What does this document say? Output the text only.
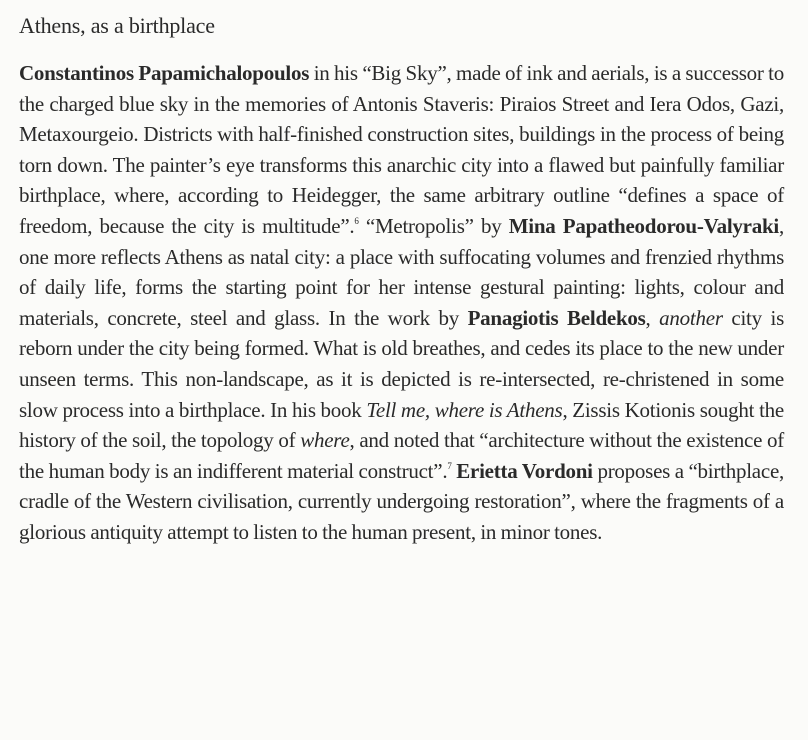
Athens, as a birthplace

Constantinos Papamichalopoulos in his “Big Sky”, made of ink and aerials, is a successor to the charged blue sky in the memories of Antonis Staveris: Piraios Street and Iera Odos, Gazi, Metaxourgeio. Districts with half-finished construction sites, buildings in the process of being torn down. The painter’s eye transforms this anarchic city into a flawed but painfully familiar birthplace, where, according to Heidegger, the same arbitrary outline “defines a space of freedom, because the city is multitude”.$^6$ “Metropolis” by Mina Papatheodorou-Valyraki, one more reflects Athens as natal city: a place with suffocating volumes and frenzied rhythms of daily life, forms the starting point for her intense gestural painting: lights, colour and materials, concrete, steel and glass. In the work by Panagiotis Beldekos, another city is reborn under the city being formed. What is old breathes, and cedes its place to the new under unseen terms. This non-landscape, as it is depicted is re-intersected, re-christened in some slow process into a birthplace. In his book Tell me, where is Athens, Zissis Kotionis sought the history of the soil, the topology of where, and noted that “architecture without the existence of the human body is an indifferent material construct”.$^7$ Erietta Vordoni proposes a “birthplace, cradle of the Western civilisation, currently undergoing restoration”, where the fragments of a glorious antiquity attempt to listen to the human present, in minor tones.
